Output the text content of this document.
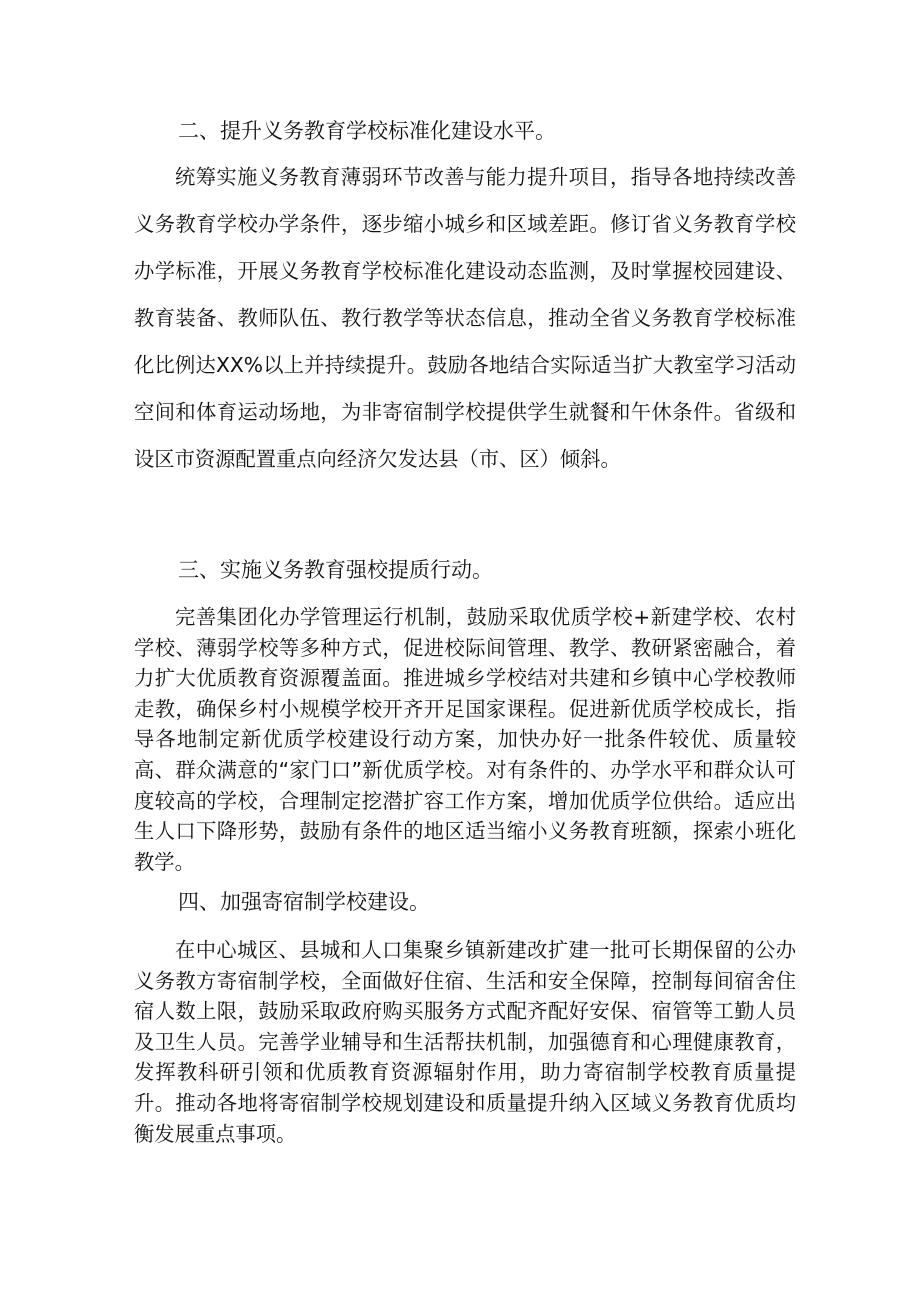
二、提升义务教育学校标准化建设水平。

统筹实施义务教育薄弱环节改善与能力提升项目，指导各地持续改善义务教育学校办学条件，逐步缩小城乡和区域差距。修订省义务教育学校办学标准，开展义务教育学校标准化建设动态监测，及时掌握校园建设、教育装备、教师队伍、教行教学等状态信息，推动全省义务教育学校标准化比例达XX%以上并持续提升。鼓励各地结合实际适当扩大教室学习活动空间和体育运动场地，为非寄宿制学校提供学生就餐和午休条件。省级和设区市资源配置重点向经济欠发达县（市、区）倾斜。

三、实施义务教育强校提质行动。

完善集团化办学管理运行机制，鼓励采取优质学校+新建学校、农村学校、薄弱学校等多种方式，促进校际间管理、教学、教研紧密融合，着力扩大优质教育资源覆盖面。推进城乡学校结对共建和乡镇中心学校教师走教，确保乡村小规模学校开齐开足国家课程。促进新优质学校成长，指导各地制定新优质学校建设行动方案，加快办好一批条件较优、质量较高、群众满意的“家门口”新优质学校。对有条件的、办学水平和群众认可度较高的学校，合理制定挖潜扩容工作方案，增加优质学位供给。适应出生人口下降形势，鼓励有条件的地区适当缩小义务教育班额，探索小班化教学。

四、加强寄宿制学校建设。

在中心城区、县城和人口集聚乡镇新建改扩建一批可长期保留的公办义务教方寄宿制学校，全面做好住宿、生活和安全保障，控制每间宿舍住宿人数上限，鼓励采取政府购买服务方式配齐配好安保、宿管等工勤人员及卫生人员。完善学业辅导和生活帮扶机制，加强德育和心理健康教育，发挥教科研引领和优质教育资源辐射作用，助力寄宿制学校教育质量提升。推动各地将寄宿制学校规划建设和质量提升纳入区域义务教育优质均衡发展重点事项。
